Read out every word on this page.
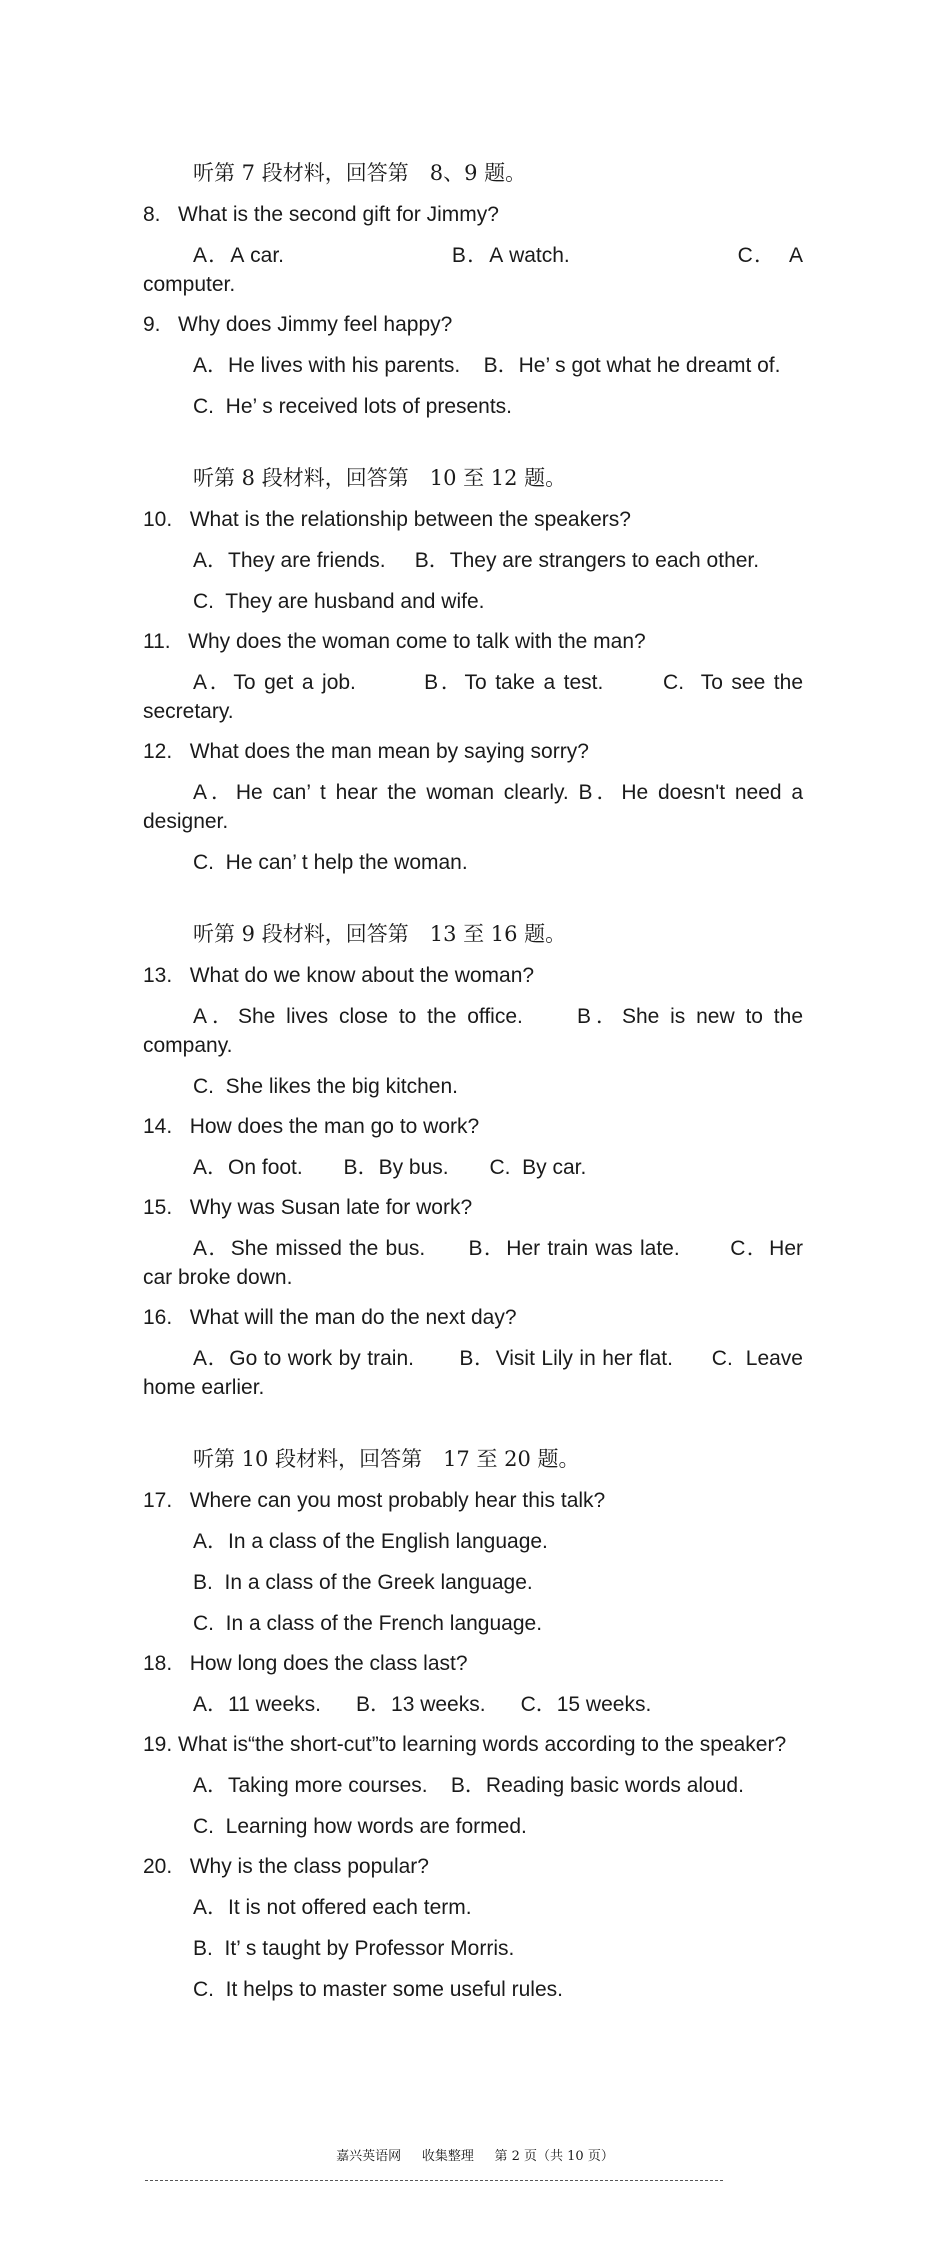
听第 7 段材料，回答第　8、9 题。
8.   What is the second gift for Jimmy?
A．A car.                        B．A watch.                        C．  A computer.
9.   Why does Jimmy feel happy?
A．He lives with his parents.    B．He’ s got what he dreamt of.
C.  He’ s received lots of presents.
听第 8 段材料，回答第　10 至 12 题。
10.   What is the relationship between the speakers?
A．They are friends.     B．They are strangers to each other.
C.  They are husband and wife.
11.   Why does the woman come to talk with the man?
A．To get a job.        B．To take a test.       C.  To see the secretary.
12.   What does the man mean by saying sorry?
A．He can’ t hear the woman clearly. B．He doesn't need a designer.
C.  He can’ t help the woman.
听第 9 段材料，回答第　13 至 16 题。
13.   What do we know about the woman?
A．She lives close to the office.     B．She is new to the company.
C.  She likes the big kitchen.
14.   How does the man go to work?
A．On foot.       B．By bus.       C.  By car.
15.   Why was Susan late for work?
A．She missed the bus.      B．Her train was late.       C．Her car broke down.
16.   What will the man do the next day?
A．Go to work by train.       B．Visit Lily in her flat.      C.  Leave home earlier.
听第 10 段材料，回答第　17 至 20 题。
17.   Where can you most probably hear this talk?
A．In a class of the English language.
B.  In a class of the Greek language.
C.  In a class of the French language.
18.   How long does the class last?
A．11 weeks.      B．13 weeks.      C．15 weeks.
19. What is“the short-cut”to learning words according to the speaker?
A．Taking more courses.    B．Reading basic words aloud.
C.  Learning how words are formed.
20.   Why is the class popular?
A．It is not offered each term.
B.  It’ s taught by Professor Morris.
C.  It helps to master some useful rules.
嘉兴英语网     收集整理     第 2 页（共 10 页）
